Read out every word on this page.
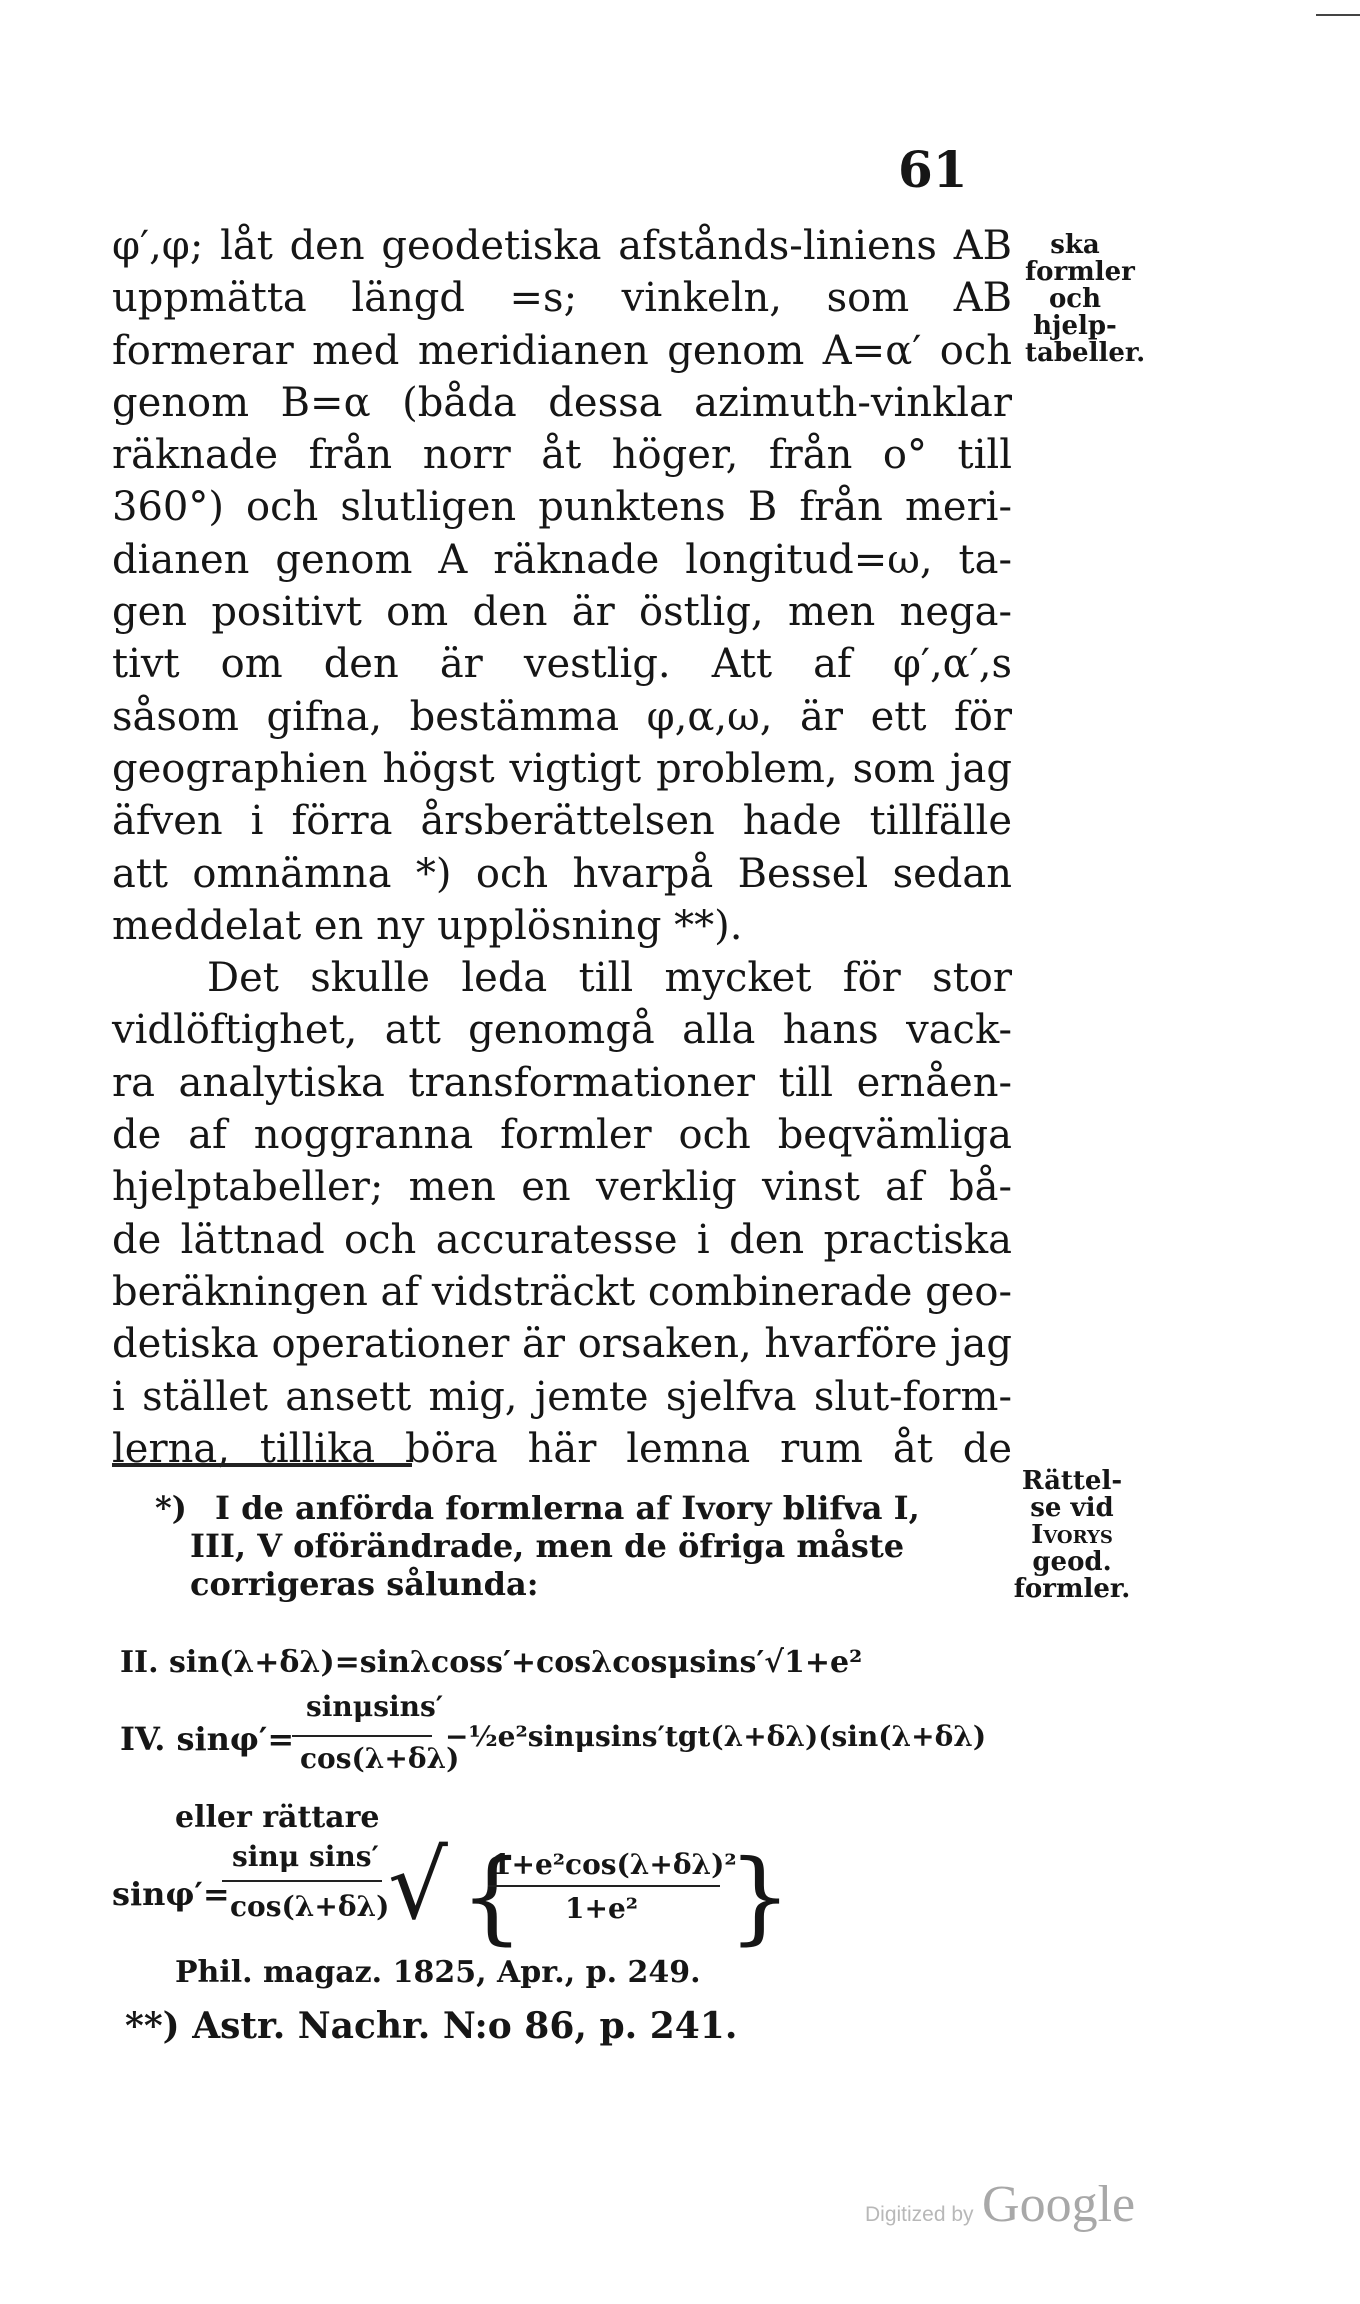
61
φ′,φ; låt den geodetiska afstånds-liniens AB
uppmätta längd =s; vinkeln, som AB
formerar med meridianen genom A=α′ och
genom B=α (båda dessa azimuth-vinklar
räknade från norr åt höger, från o° till
360°) och slutligen punktens B från meri-
dianen genom A räknade longitud=ω, ta-
gen positivt om den är östlig, men nega-
tivt om den är vestlig. Att af φ′,α′,s
såsom gifna, bestämma φ,α,ω, är ett för
geographien högst vigtigt problem, som jag
äfven i förra årsberättelsen hade tillfälle
att omnämna *) och hvarpå Bessel sedan
meddelat en ny upplösning **).
Det skulle leda till mycket för stor
vidlöftighet, att genomgå alla hans vack-
ra analytiska transformationer till ernåen-
de af noggranna formler och beqvämliga
hjelptabeller; men en verklig vinst af bå-
de lättnad och accuratesse i den practiska
beräkningen af vidsträckt combinerade geo-
detiska operationer är orsaken, hvarföre jag
i stället ansett mig, jemte sjelfva slut-form-
lerna, tillika böra här lemna rum åt de
ska
formler
och
hjelp-
tabeller.
Rättel-
se vid
Ivorys
geod.
formler.
*) I de anförda formlerna af Ivory blifva I,
III, V oförändrade, men de öfriga måste
corrigeras sålunda:
II. sin(λ+δλ)=sinλcoss′+cosλcosμsins′√1+e²
IV. sinφ′=
sinμsins′
cos(λ+δλ)
−½e²sinμsins′tgt(λ+δλ)(sin(λ+δλ)
eller rättare
sinφ′=
sinμ sins′
cos(λ+δλ)
√ {
1+e²cos(λ+δλ)²
1+e² }
Phil. magaz. 1825, Apr., p. 249.
**) Astr. Nachr. N:o 86, p. 241.
Digitized by Google
